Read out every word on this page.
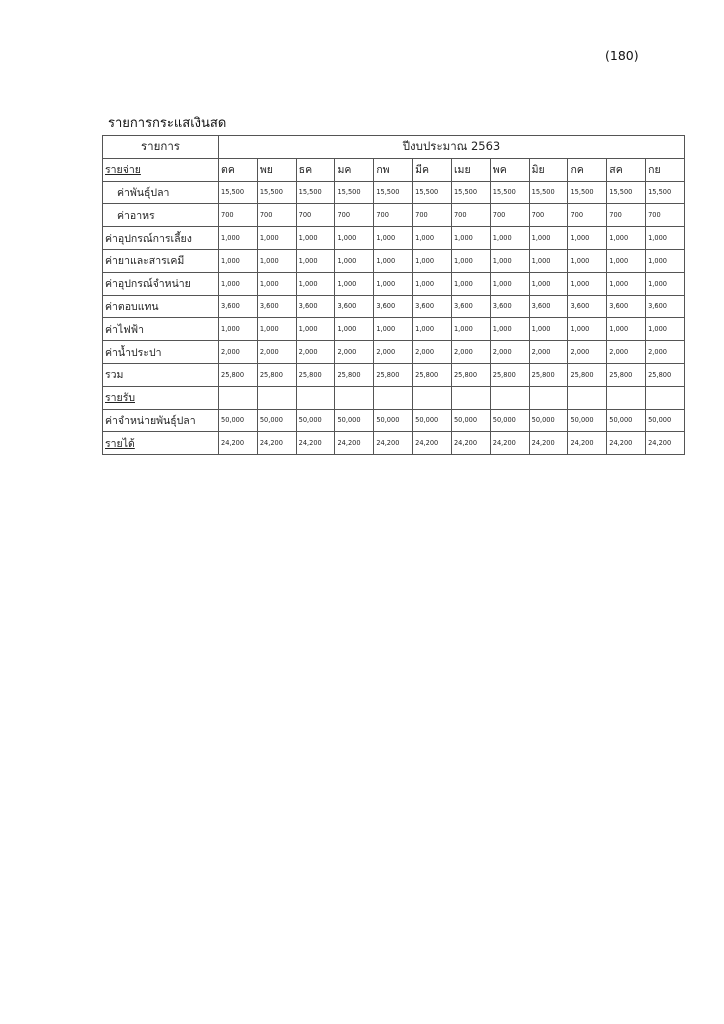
(180)
รายการกระแสเงินสด
รายการ	ปีงบประมาณ 2563											
รายจ่าย	ตค	พย	ธค	มค	กพ	มีค	เมย	พค	มิย	กค	สค	กย
ค่าพันธุ์ปลา	15,500	15,500	15,500	15,500	15,500	15,500	15,500	15,500	15,500	15,500	15,500	15,500
ค่าอาหร	700	700	700	700	700	700	700	700	700	700	700	700
ค่าอุปกรณ์การเลี้ยง	1,000	1,000	1,000	1,000	1,000	1,000	1,000	1,000	1,000	1,000	1,000	1,000
ค่ายาและสารเคมี	1,000	1,000	1,000	1,000	1,000	1,000	1,000	1,000	1,000	1,000	1,000	1,000
ค่าอุปกรณ์จำหน่าย	1,000	1,000	1,000	1,000	1,000	1,000	1,000	1,000	1,000	1,000	1,000	1,000
ค่าตอบแทน	3,600	3,600	3,600	3,600	3,600	3,600	3,600	3,600	3,600	3,600	3,600	3,600
ค่าไฟฟ้า	1,000	1,000	1,000	1,000	1,000	1,000	1,000	1,000	1,000	1,000	1,000	1,000
ค่าน้ำประปา	2,000	2,000	2,000	2,000	2,000	2,000	2,000	2,000	2,000	2,000	2,000	2,000
รวม	25,800	25,800	25,800	25,800	25,800	25,800	25,800	25,800	25,800	25,800	25,800	25,800
รายรับ												
ค่าจำหน่ายพันธุ์ปลา	50,000	50,000	50,000	50,000	50,000	50,000	50,000	50,000	50,000	50,000	50,000	50,000
รายได้	24,200	24,200	24,200	24,200	24,200	24,200	24,200	24,200	24,200	24,200	24,200	24,200
